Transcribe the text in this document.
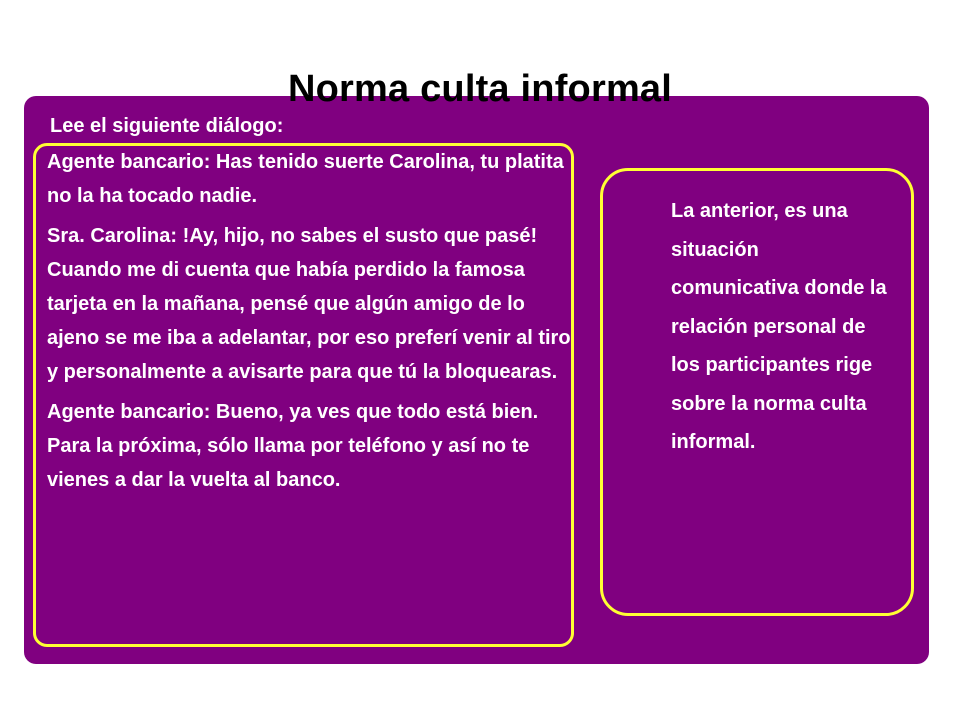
Norma culta informal
Lee el siguiente diálogo:

Agente bancario: Has tenido suerte Carolina, tu platita no la ha tocado nadie.

Sra. Carolina: !Ay, hijo, no sabes el susto que pasé! Cuando me di cuenta que había perdido la famosa tarjeta en la mañana, pensé que algún amigo de lo ajeno se me iba a adelantar, por eso preferí venir al tiro y personalmente a avisarte para que tú la bloquearas.

Agente bancario: Bueno, ya ves que todo está bien. Para la próxima, sólo llama por teléfono y así no te vienes a dar la vuelta al banco.

La anterior, es una situación comunicativa donde la relación personal de los participantes rige sobre la norma culta informal.
